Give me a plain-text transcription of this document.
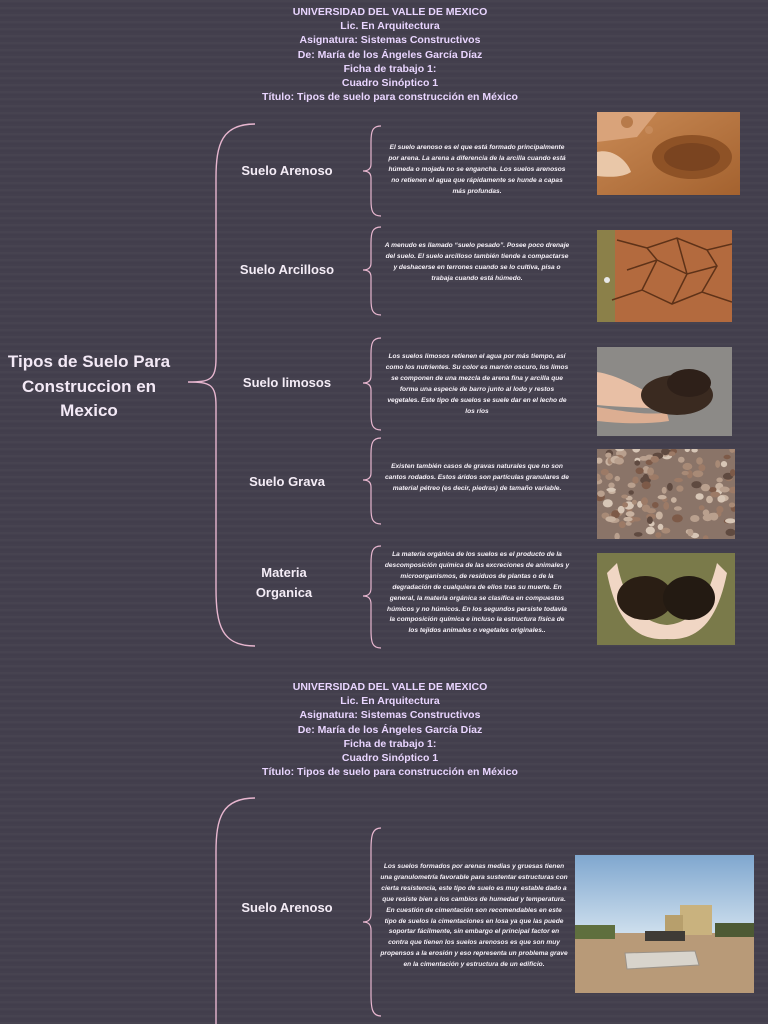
UNIVERSIDAD DEL VALLE DE MEXICO
Lic. En Arquitectura
Asignatura: Sistemas Constructivos
De: María de los Ángeles García Díaz
Ficha de trabajo 1:
Cuadro Sinóptico 1
Título: Tipos de suelo para construcción en México
Tipos de Suelo Para Construccion en Mexico
Suelo Arenoso
Suelo Arcilloso
Suelo limosos
Suelo Grava
Materia Organica
El suelo arenoso es el que está formado principalmente por arena. La arena a diferencia de la arcilla cuando está húmeda o mojada no se engancha. Los suelos arenosos no retienen el agua que rápidamente se hunde a capas más profundas.
A menudo es llamado “suelo pesado”. Posee poco drenaje del suelo. El suelo arcilloso también tiende a compactarse y deshacerse en terrones cuando se lo cultiva, pisa o trabaja cuando está húmedo.
Los suelos limosos retienen el agua por más tiempo, así como los nutrientes. Su color es marrón oscuro, los limos se componen de una mezcla de arena fina y arcilla que forma una especie de barro junto al lodo y restos vegetales. Este tipo de suelos se suele dar en el lecho de los ríos
Existen también casos de gravas naturales que no son cantos rodados. Estos áridos son partículas granulares de material pétreo (es decir, piedras) de tamaño variable.
La materia orgánica de los suelos es el producto de la descomposición química de las excreciones de animales y microorganismos, de residuos de plantas o de la degradación de cualquiera de ellos tras su muerte. En general, la materia orgánica se clasifica en compuestos húmicos y no húmicos. En los segundos persiste todavía la composición química e incluso la estructura física de los tejidos animales o vegetales originales..
UNIVERSIDAD DEL VALLE DE MEXICO
Lic. En Arquitectura
Asignatura: Sistemas Constructivos
De: María de los Ángeles García Díaz
Ficha de trabajo 1:
Cuadro Sinóptico 1
Título: Tipos de suelo para construcción en México
Suelo Arenoso
Los suelos formados por arenas medias y gruesas tienen una granulometría favorable para sustentar estructuras con cierta resistencia, este tipo de suelo es muy estable dado a que resiste bien a los cambios de humedad y temperatura. En cuestión de cimentación son recomendables en este tipo de suelos la cimentaciones en losa ya que las puede soportar fácilmente, sin embargo el principal factor en contra que tienen los suelos arenosos es que son muy propensos a la erosión y eso representa un problema grave en la cimentación y estructura de un edificio.
